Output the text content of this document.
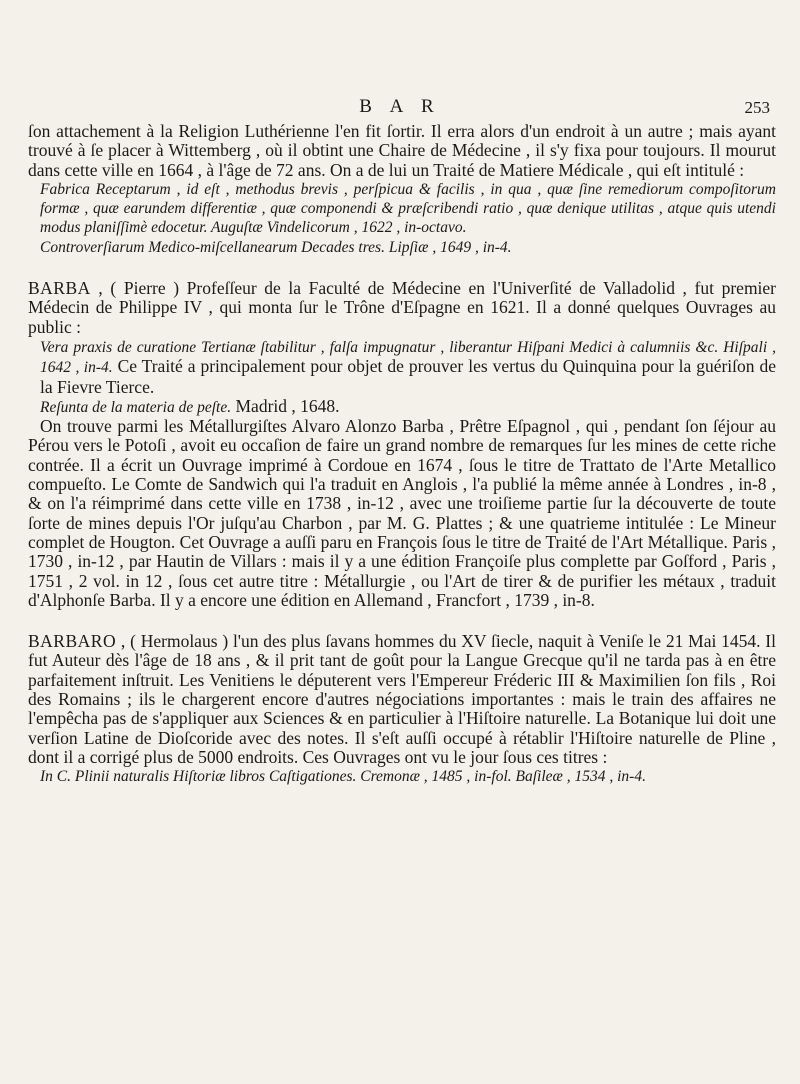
B A R	253

ſon attachement à la Religion Luthérienne l'en fit ſortir. Il erra alors d'un endroit à un autre ; mais ayant trouvé à ſe placer à Wittemberg , où il obtint une Chaire de Médecine , il s'y fixa pour toujours. Il mourut dans cette ville en 1664 , à l'âge de 72 ans. On a de lui un Traité de Matiere Médicale , qui eſt intitulé :

Fabrica Receptarum , id eſt , methodus brevis , perſpicua & facilis , in qua , quæ ſine remediorum compoſitorum formæ , quæ earundem differentiæ , quæ componendi & præſcribendi ratio , quæ denique utilitas , atque quis utendi modus planiſſimè edocetur. Auguſtæ Vindelicorum , 1622 , in-octavo.

Controverſiarum Medico-miſcellanearum Decades tres. Lipſiæ , 1649 , in-4.

BARBA , ( Pierre ) Profeſſeur de la Faculté de Médecine en l'Univerſité de Valladolid , fut premier Médecin de Philippe IV , qui monta ſur le Trône d'Eſpagne en 1621. Il a donné quelques Ouvrages au public :

Vera praxis de curatione Tertianæ ſtabilitur , falſa impugnatur , liberantur Hiſpani Medici à calumniis &c. Hiſpali , 1642 , in-4. Ce Traité a principalement pour objet de prouver les vertus du Quinquina pour la guériſon de la Fievre Tierce.

Reſunta de la materia de peſte. Madrid , 1648.

On trouve parmi les Métallurgiſtes Alvaro Alonzo Barba , Prêtre Eſpagnol , qui , pendant ſon ſéjour au Pérou vers le Potoſi , avoit eu occaſion de faire un grand nombre de remarques ſur les mines de cette riche contrée. Il a écrit un Ouvrage imprimé à Cordoue en 1674 , ſous le titre de Trattato de l'Arte Metallico compueſto. Le Comte de Sandwich qui l'a traduit en Anglois , l'a publié la même année à Londres , in-8 , & on l'a réimprimé dans cette ville en 1738 , in-12 , avec une troiſieme partie ſur la découverte de toute ſorte de mines depuis l'Or juſqu'au Charbon , par M. G. Plattes ; & une quatrieme intitulée : Le Mineur complet de Hougton. Cet Ouvrage a auſſi paru en François ſous le titre de Traité de l'Art Métallique. Paris , 1730 , in-12 , par Hautin de Villars : mais il y a une édition Françoiſe plus complette par Goſford , Paris , 1751 , 2 vol. in 12 , ſous cet autre titre : Métallurgie , ou l'Art de tirer & de purifier les métaux , traduit d'Alphonſe Barba. Il y a encore une édition en Allemand , Francfort , 1739 , in-8.

BARBARO , ( Hermolaus ) l'un des plus ſavans hommes du XV ſiecle, naquit à Veniſe le 21 Mai 1454. Il fut Auteur dès l'âge de 18 ans , & il prit tant de goût pour la Langue Grecque qu'il ne tarda pas à en être parfaitement inſtruit. Les Venitiens le députerent vers l'Empereur Fréderic III & Maximilien ſon fils , Roi des Romains ; ils le chargerent encore d'autres négociations importantes : mais le train des affaires ne l'empêcha pas de s'appliquer aux Sciences & en particulier à l'Hiſtoire naturelle. La Botanique lui doit une verſion Latine de Dioſcoride avec des notes. Il s'eſt auſſi occupé à rétablir l'Hiſtoire naturelle de Pline , dont il a corrigé plus de 5000 endroits. Ces Ouvrages ont vu le jour ſous ces titres :

In C. Plinii naturalis Hiſtoriæ libros Caſtigationes. Cremonæ , 1485 , in-fol. Baſileæ , 1534 , in-4.
